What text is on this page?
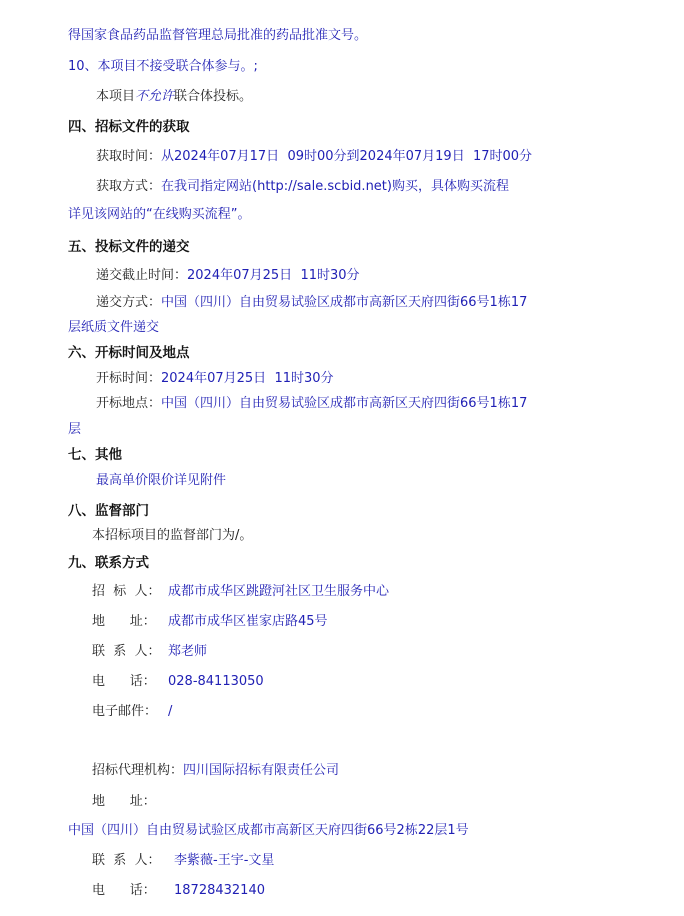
得国家食品药品监督管理总局批准的药品批准文号。
10、本项目不接受联合体参与。;
本项目不允许联合体投标。
四、招标文件的获取
获取时间：从2024年07月17日  09时00分到2024年07月19日  17时00分
获取方式：在我司指定网站(http://sale.scbid.net)购买，具体购买流程
详见该网站的“在线购买流程”。
五、投标文件的递交
递交截止时间：2024年07月25日  11时30分
递交方式：中国（四川）自由贸易试验区成都市高新区天府四街66号1栋17
层纸质文件递交
六、开标时间及地点
开标时间：2024年07月25日  11时30分
开标地点：中国（四川）自由贸易试验区成都市高新区天府四街66号1栋17
层
七、其他
最高单价限价详见附件
八、监督部门
本招标项目的监督部门为/。
九、联系方式
招  标  人： 成都市成华区跳蹬河社区卫生服务中心
地      址： 成都市成华区崔家店路45号
联  系  人： 郑老师
电      话： 028-84113050
电子邮件： /
招标代理机构：四川国际招标有限责任公司
地      址：
中国（四川）自由贸易试验区成都市高新区天府四街66号2栋22层1号
联  系  人： 李紫薇-王宇-文星
电      话： 18728432140
